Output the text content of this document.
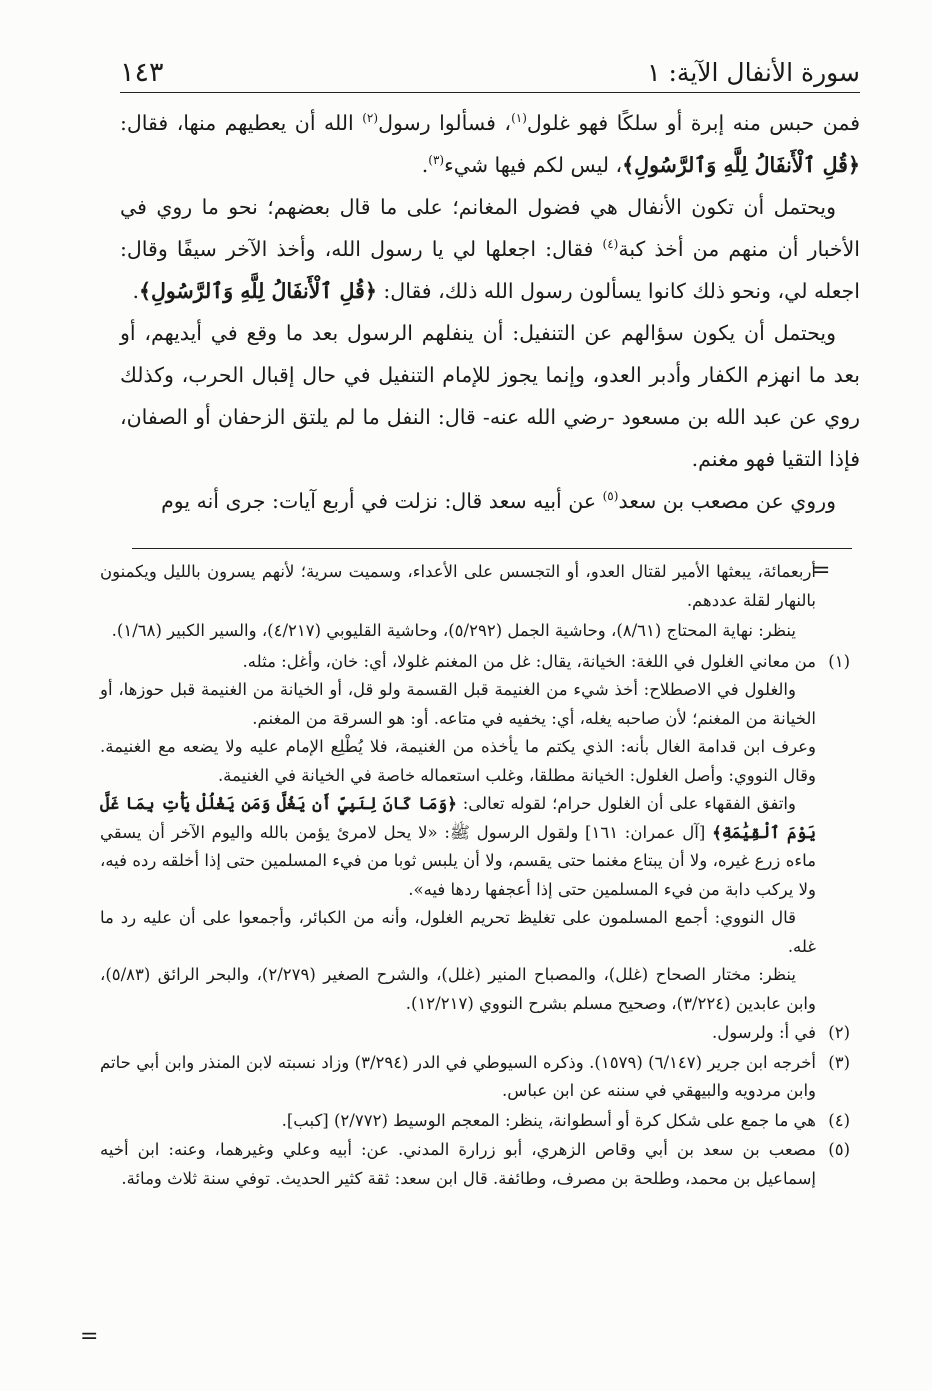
سورة الأنفال الآية: ١
١٤٣

فمن حبس منه إبرة أو سلكًا فهو غلول$^{(١)}$، فسألوا رسول$^{(٢)}$ الله أن يعطيهم منها، فقال: ﴿قُلِ ٱلْأَنفَالُ لِلَّهِ وَٱلرَّسُولِ﴾، ليس لكم فيها شيء$^{(٣)}$.

ويحتمل أن تكون الأنفال هي فضول المغانم؛ على ما قال بعضهم؛ نحو ما روي في الأخبار أن منهم من أخذ كبة$^{(٤)}$ فقال: اجعلها لي يا رسول الله، وأخذ الآخر سيفًا وقال: اجعله لي، ونحو ذلك كانوا يسألون رسول الله ذلك، فقال: ﴿قُلِ ٱلْأَنفَالُ لِلَّهِ وَٱلرَّسُولِ﴾.

ويحتمل أن يكون سؤالهم عن التنفيل: أن ينفلهم الرسول بعد ما وقع في أيديهم، أو بعد ما انهزم الكفار وأدبر العدو، وإنما يجوز للإمام التنفيل في حال إقبال الحرب، وكذلك روي عن عبد الله بن مسعود -رضي الله عنه- قال: النفل ما لم يلتق الزحفان أو الصفان، فإذا التقيا فهو مغنم.

وروي عن مصعب بن سعد$^{(٥)}$ عن أبيه سعد قال: نزلت في أربع آيات: جرى أنه يوم

=
=

أربعمائة، يبعثها الأمير لقتال العدو، أو التجسس على الأعداء، وسميت سرية؛ لأنهم يسرون بالليل ويكمنون بالنهار لقلة عددهم.

ينظر: نهاية المحتاج (٨/٦١)، وحاشية الجمل (٥/٢٩٢)، وحاشية القليوبي (٤/٢١٧)، والسير الكبير (١/٦٨).

(١)

من معاني الغلول في اللغة: الخيانة، يقال: غل من المغنم غلولا، أي: خان، وأغل: مثله.

والغلول في الاصطلاح: أخذ شيء من الغنيمة قبل القسمة ولو قل، أو الخيانة من الغنيمة قبل حوزها، أو الخيانة من المغنم؛ لأن صاحبه يغله، أي: يخفيه في متاعه. أو: هو السرقة من المغنم.

وعرف ابن قدامة الغال بأنه: الذي يكتم ما يأخذه من الغنيمة، فلا يُطْلِع الإمام عليه ولا يضعه مع الغنيمة. وقال النووي: وأصل الغلول: الخيانة مطلقا، وغلب استعماله خاصة في الخيانة في الغنيمة.

واتفق الفقهاء على أن الغلول حرام؛ لقوله تعالى: ﴿وَمَا كَانَ لِنَبِيٍّ أَن يَغُلَّ وَمَن يَغْلُلْ يَأْتِ بِمَا غَلَّ يَوْمَ ٱلْقِيَٰمَةِ﴾ [آل عمران: ١٦١] ولقول الرسول ﷺ: «لا يحل لامرئ يؤمن بالله واليوم الآخر أن يسقي ماءه زرع غيره، ولا أن يبتاع مغنما حتى يقسم، ولا أن يلبس ثوبا من فيء المسلمين حتى إذا أخلقه رده فيه، ولا يركب دابة من فيء المسلمين حتى إذا أعجفها ردها فيه».

قال النووي: أجمع المسلمون على تغليظ تحريم الغلول، وأنه من الكبائر، وأجمعوا على أن عليه رد ما غله.

ينظر: مختار الصحاح (غلل)، والمصباح المنير (غلل)، والشرح الصغير (٢/٢٧٩)، والبحر الرائق (٥/٨٣)، وابن عابدين (٣/٢٢٤)، وصحيح مسلم بشرح النووي (١٢/٢١٧).

(٢)

في أ: ولرسول.

(٣)

أخرجه ابن جرير (٦/١٤٧) (١٥٧٩). وذكره السيوطي في الدر (٣/٢٩٤) وزاد نسبته لابن المنذر وابن أبي حاتم وابن مردويه والبيهقي في سننه عن ابن عباس.

(٤)

هي ما جمع على شكل كرة أو أسطوانة، ينظر: المعجم الوسيط (٢/٧٧٢) [كبب].

(٥)

مصعب بن سعد بن أبي وقاص الزهري، أبو زرارة المدني. عن: أبيه وعلي وغيرهما، وعنه: ابن أخيه إسماعيل بن محمد، وطلحة بن مصرف، وطائفة. قال ابن سعد: ثقة كثير الحديث. توفي سنة ثلاث ومائة.
